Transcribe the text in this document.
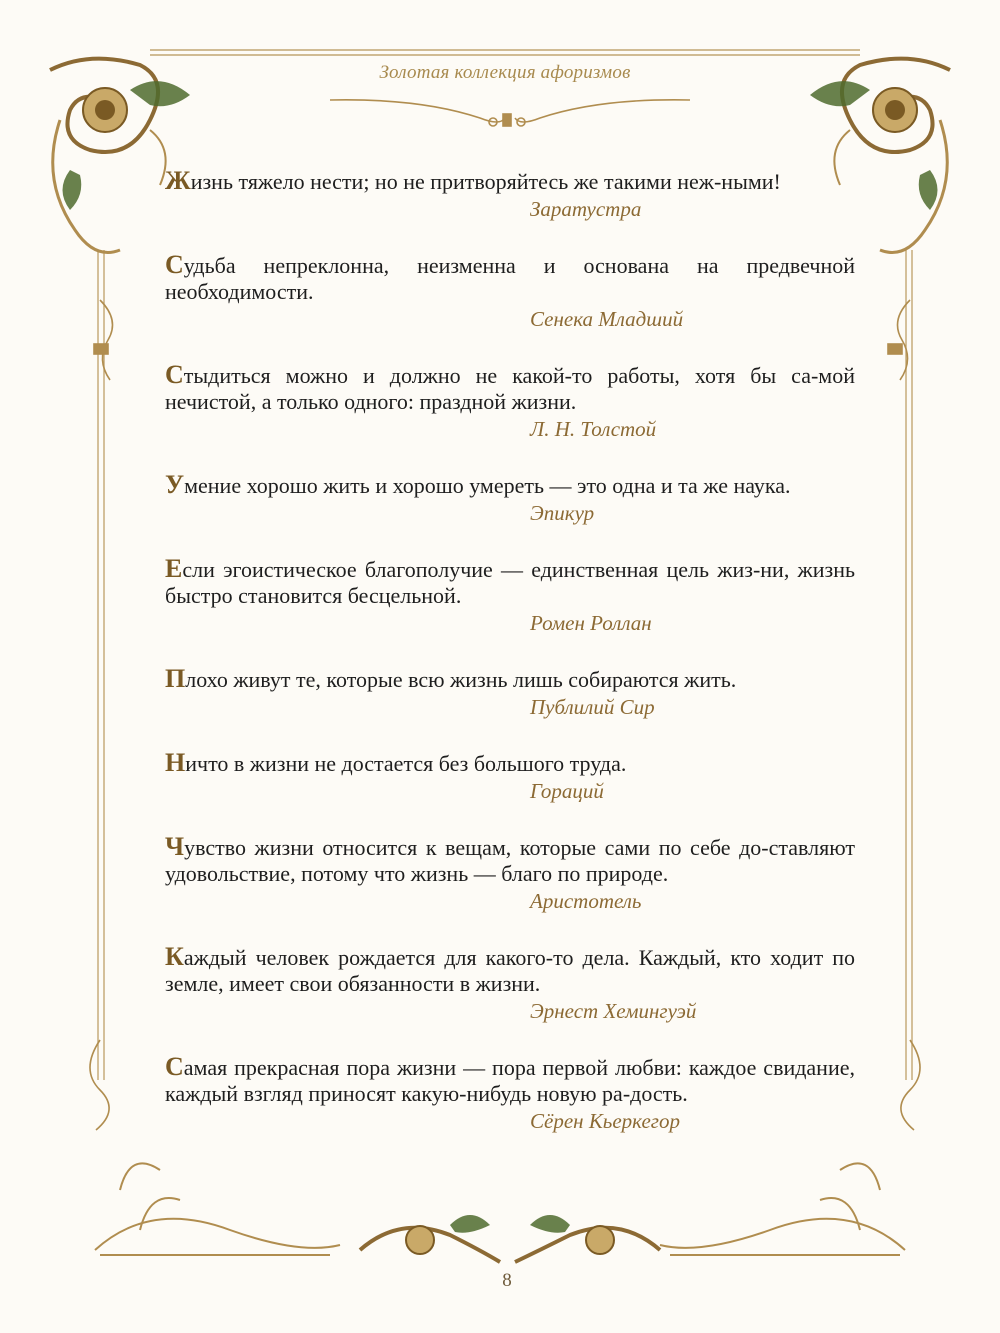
Золотая коллекция афоризмов

Жизнь тяжело нести; но не притворяйтесь же такими неж-ными!

Заратустра

Судьба непреклонна, неизменна и основана на предвечной необходимости.

Сенека Младший

Стыдиться можно и должно не какой-то работы, хотя бы са-мой нечистой, а только одного: праздной жизни.

Л. Н. Толстой

Умение хорошо жить и хорошо умереть — это одна и та же наука.

Эпикур

Если эгоистическое благополучие — единственная цель жиз-ни, жизнь быстро становится бесцельной.

Ромен Роллан

Плохо живут те, которые всю жизнь лишь собираются жить.

Публилий Сир

Ничто в жизни не достается без большого труда.

Гораций

Чувство жизни относится к вещам, которые сами по себе до-ставляют удовольствие, потому что жизнь — благо по природе.

Аристотель

Каждый человек рождается для какого-то дела. Каждый, кто ходит по земле, имеет свои обязанности в жизни.

Эрнест Хемингуэй

Самая прекрасная пора жизни — пора первой любви: каждое свидание, каждый взгляд приносят какую-нибудь новую ра-дость.

Сёрен Кьеркегор
8
